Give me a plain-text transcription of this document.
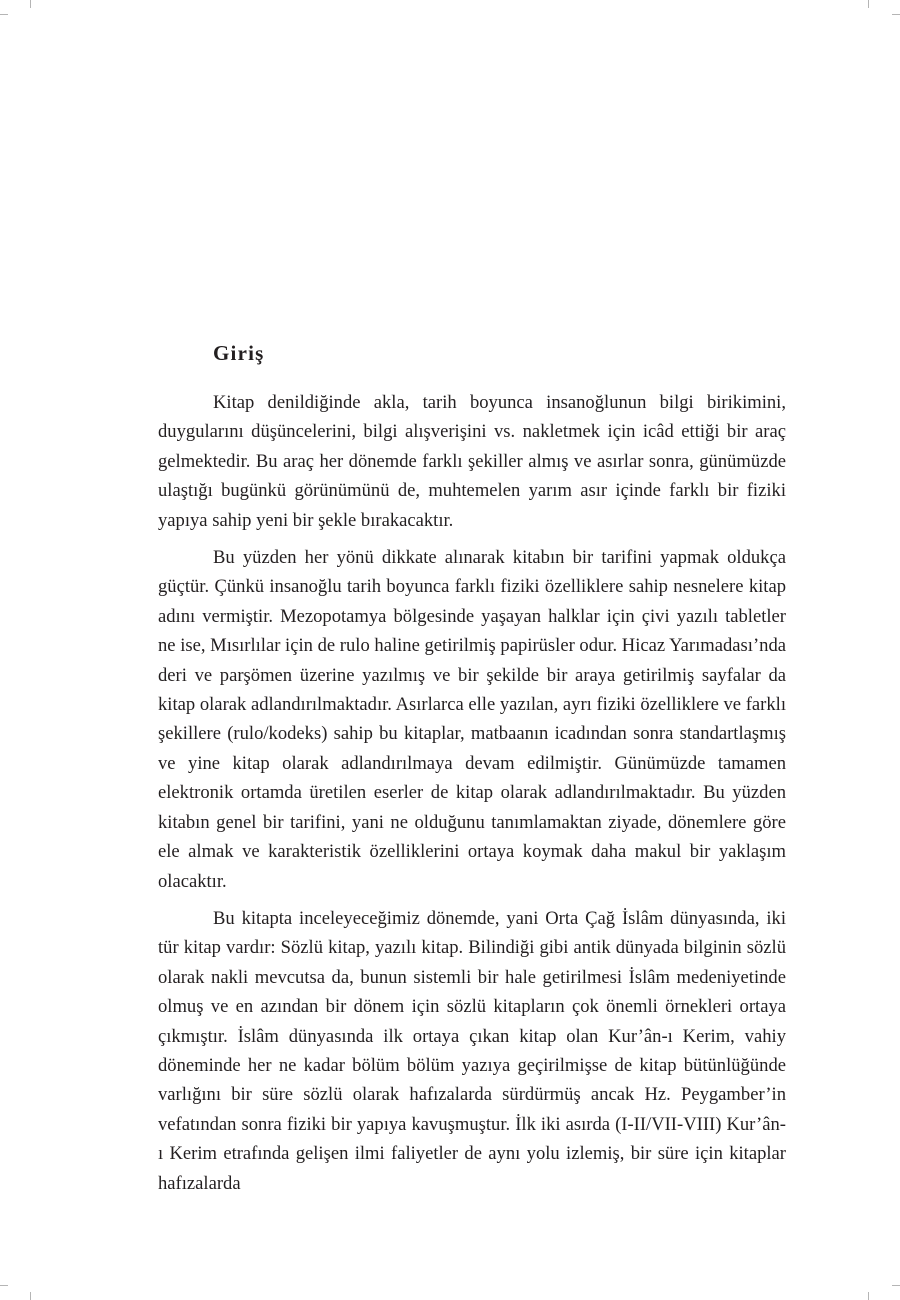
Giriş

Kitap denildiğinde akla, tarih boyunca insanoğlunun bilgi birikimini, duygularını düşüncelerini, bilgi alışverişini vs. nakletmek için icâd ettiği bir araç gelmektedir. Bu araç her dönemde farklı şekiller almış ve asırlar sonra, günümüzde ulaştığı bugünkü görünümünü de, muhtemelen yarım asır içinde farklı bir fiziki yapıya sahip yeni bir şekle bırakacaktır.

Bu yüzden her yönü dikkate alınarak kitabın bir tarifini yapmak oldukça güçtür. Çünkü insanoğlu tarih boyunca farklı fiziki özelliklere sahip nesnelere kitap adını vermiştir. Mezopotamya bölgesinde yaşayan halklar için çivi yazılı tabletler ne ise, Mısırlılar için de rulo haline getirilmiş papirüsler odur. Hicaz Yarımadası’nda deri ve parşömen üzerine yazılmış ve bir şekilde bir araya getirilmiş sayfalar da kitap olarak adlandırılmaktadır. Asırlarca elle yazılan, ayrı fiziki özelliklere ve farklı şekillere (rulo/kodeks) sahip bu kitaplar, matbaanın icadından sonra standartlaşmış ve yine kitap olarak adlandırılmaya devam edilmiştir. Günümüzde tamamen elektronik ortamda üretilen eserler de kitap olarak adlandırılmaktadır. Bu yüzden kitabın genel bir tarifini, yani ne olduğunu tanımlamaktan ziyade, dönemlere göre ele almak ve karakteristik özelliklerini ortaya koymak daha makul bir yaklaşım olacaktır.

Bu kitapta inceleyeceğimiz dönemde, yani Orta Çağ İslâm dünyasında, iki tür kitap vardır: Sözlü kitap, yazılı kitap. Bilindiği gibi antik dünyada bilginin sözlü olarak nakli mevcutsa da, bunun sistemli bir hale getirilmesi İslâm medeniyetinde olmuş ve en azından bir dönem için sözlü kitapların çok önemli örnekleri ortaya çıkmıştır. İslâm dünyasında ilk ortaya çıkan kitap olan Kur’ân-ı Kerim, vahiy döneminde her ne kadar bölüm bölüm yazıya geçirilmişse de kitap bütünlüğünde varlığını bir süre sözlü olarak hafızalarda sürdürmüş ancak Hz. Peygamber’in vefatından sonra fiziki bir yapıya kavuşmuştur. İlk iki asırda (I-II/VII-VIII) Kur’ân-ı Kerim etrafında gelişen ilmi faliyetler de aynı yolu izlemiş, bir süre için kitaplar hafızalarda
